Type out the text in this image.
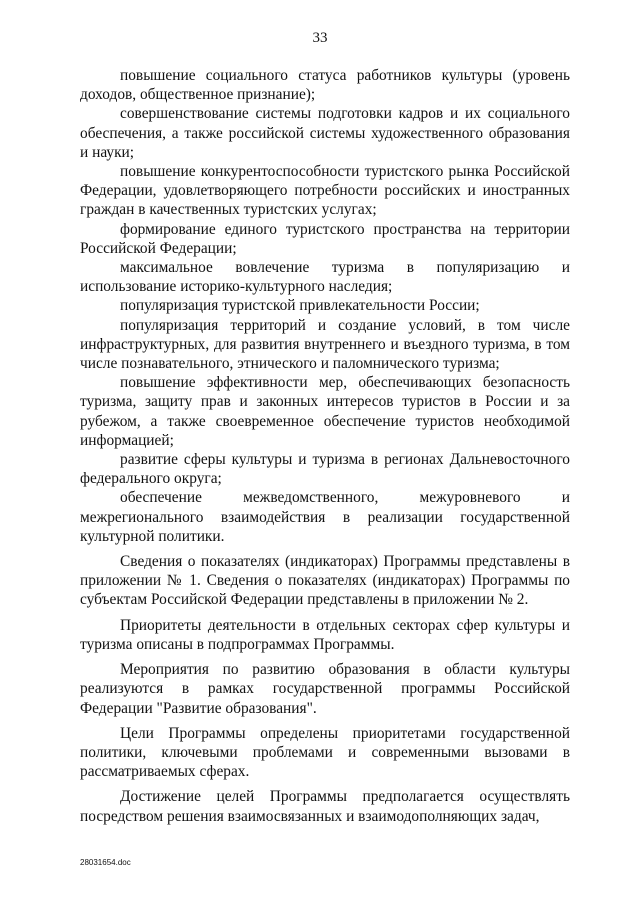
33

повышение социального статуса работников культуры (уровень доходов, общественное признание);

совершенствование системы подготовки кадров и их социального обеспечения, а также российской системы художественного образования и науки;

повышение конкурентоспособности туристского рынка Российской Федерации, удовлетворяющего потребности российских и иностранных граждан в качественных туристских услугах;

формирование единого туристского пространства на территории Российской Федерации;

максимальное вовлечение туризма в популяризацию и использование историко-культурного наследия;

популяризация туристской привлекательности России;

популяризация территорий и создание условий, в том числе инфраструктурных, для развития внутреннего и въездного туризма, в том числе познавательного, этнического и паломнического туризма;

повышение эффективности мер, обеспечивающих безопасность туризма, защиту прав и законных интересов туристов в России и за рубежом, а также своевременное обеспечение туристов необходимой информацией;

развитие сферы культуры и туризма в регионах Дальневосточного федерального округа;

обеспечение межведомственного, межуровневого и межрегионального взаимодействия в реализации государственной культурной политики.

Сведения о показателях (индикаторах) Программы представлены в приложении № 1. Сведения о показателях (индикаторах) Программы по субъектам Российской Федерации представлены в приложении № 2.

Приоритеты деятельности в отдельных секторах сфер культуры и туризма описаны в подпрограммах Программы.

Мероприятия по развитию образования в области культуры реализуются в рамках государственной программы Российской Федерации "Развитие образования".

Цели Программы определены приоритетами государственной политики, ключевыми проблемами и современными вызовами в рассматриваемых сферах.

Достижение целей Программы предполагается осуществлять посредством решения взаимосвязанных и взаимодополняющих задач,

28031654.doc
